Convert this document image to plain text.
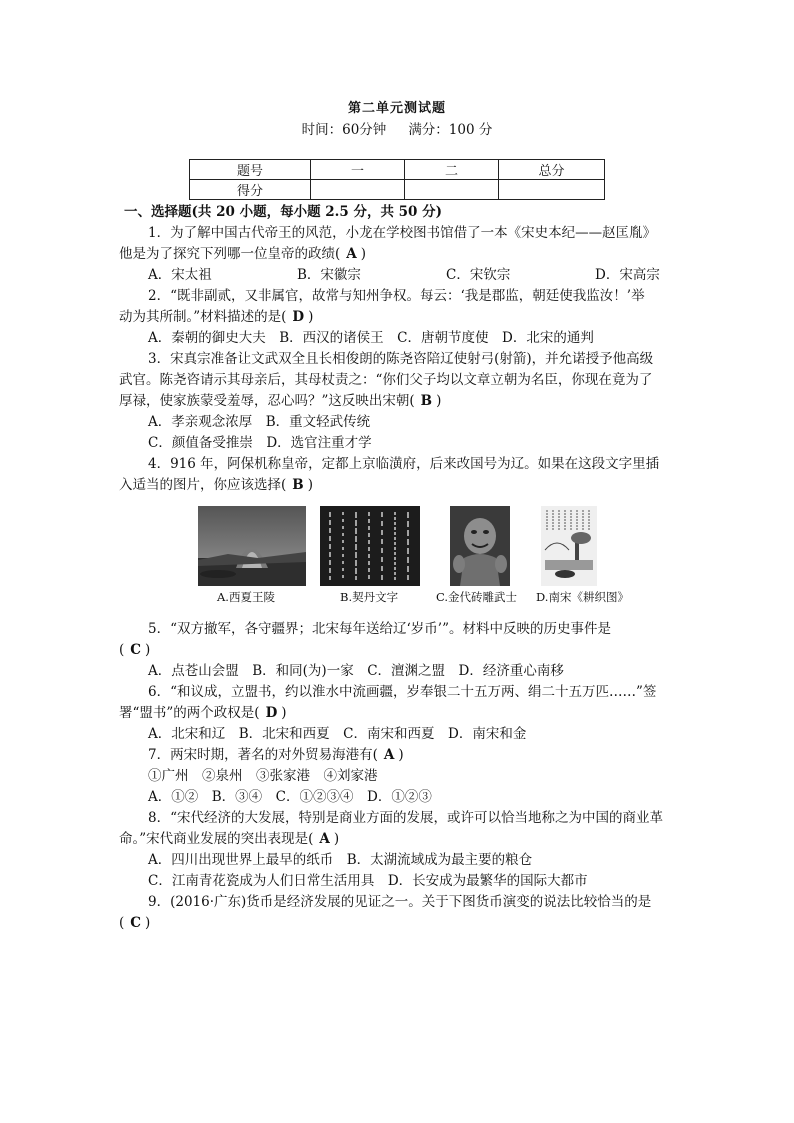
第二单元测试题
时间：60分钟 满分：100 分
题号	一	二	总分
得分			
一、选择题(共 20 小题，每小题 2.5 分，共 50 分)
1．为了解中国古代帝王的风范，小龙在学校图书馆借了一本《宋史本纪——赵匡胤》
他是为了探究下列哪一位皇帝的政绩( A )
A．宋太祖	B．宋徽宗	C．宋钦宗	D．宋高宗
2．“既非副贰，又非属官，故常与知州争权。每云：‘我是郡监，朝廷使我监汝！’举
动为其所制。”材料描述的是( D )
A．秦朝的御史大夫　B．西汉的诸侯王　C．唐朝节度使　D．北宋的通判
3．宋真宗准备让文武双全且长相俊朗的陈尧咨陪辽使射弓(射箭)，并允诺授予他高级
武官。陈尧咨请示其母亲后，其母杖责之：“你们父子均以文章立朝为名臣，你现在竟为了
厚禄，使家族蒙受羞辱，忍心吗？”这反映出宋朝( B )
A．孝亲观念浓厚　B．重文轻武传统
C．颜值备受推崇　D．选官注重才学
4．916 年，阿保机称皇帝，定都上京临潢府，后来改国号为辽。如果在这段文字里插
入适当的图片，你应该选择( B )
A.西夏王陵	B.契丹文字	C.金代砖雕武士 D.南宋《耕织图》
5．“双方撤军，各守疆界；北宋每年送给辽‘岁币’”。材料中反映的历史事件是
( C )
A．点苍山会盟　B．和同(为)一家　C．澶渊之盟　D．经济重心南移
6．“和议成，立盟书，约以淮水中流画疆，岁奉银二十五万两、绢二十五万匹……”签
署“盟书”的两个政权是( D )
A．北宋和辽　B．北宋和西夏　C．南宋和西夏　D．南宋和金
7．两宋时期，著名的对外贸易海港有( A )
①广州　②泉州　③张家港　④刘家港
A．①②　B．③④　C．①②③④　D．①②③
8．“宋代经济的大发展，特别是商业方面的发展，或许可以恰当地称之为中国的商业革
命。”宋代商业发展的突出表现是( A )
A．四川出现世界上最早的纸币　B．太湖流域成为最主要的粮仓
C．江南青花瓷成为人们日常生活用具　D．长安成为最繁华的国际大都市
9．(2016·广东)货币是经济发展的见证之一。关于下图货币演变的说法比较恰当的是
( C )
